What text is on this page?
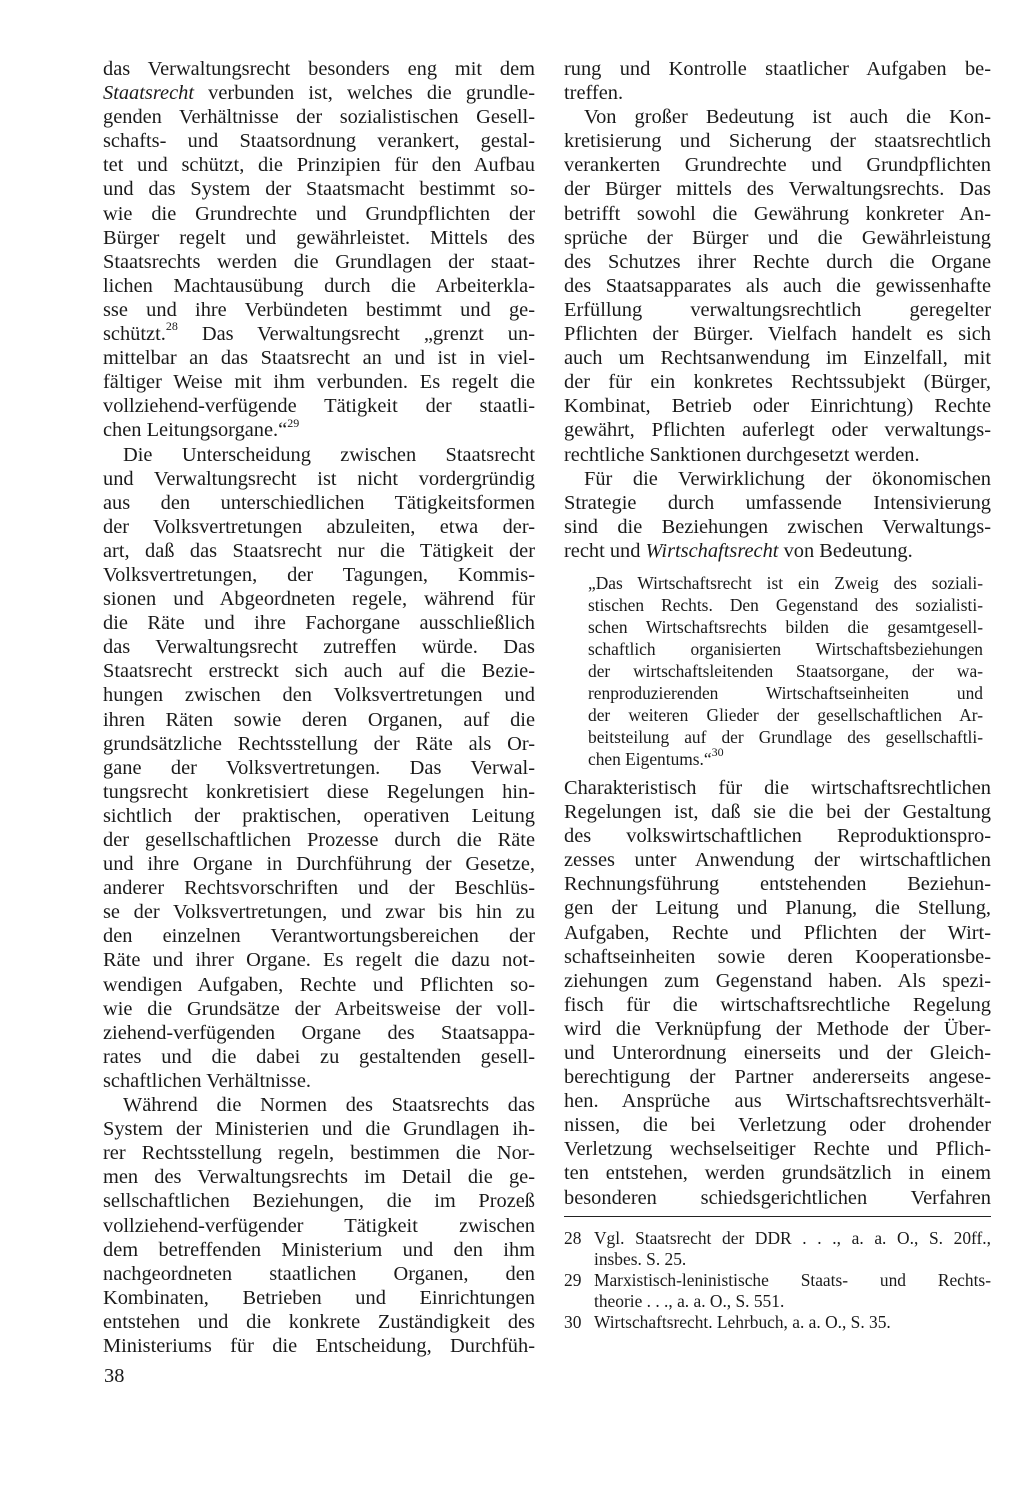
das Verwaltungsrecht besonders eng mit dem
Staatsrecht verbunden ist, welches die grundle-
genden Verhältnisse der sozialistischen Gesell-
schafts- und Staatsordnung verankert, gestal-
tet und schützt, die Prinzipien für den Aufbau
und das System der Staatsmacht bestimmt so-
wie die Grundrechte und Grundpflichten der
Bürger regelt und gewährleistet. Mittels des
Staatsrechts werden die Grundlagen der staat-
lichen Machtausübung durch die Arbeiterkla-
sse und ihre Verbündeten bestimmt und ge-
schützt.$^{28}$ Das Verwaltungsrecht „grenzt un-
mittelbar an das Staatsrecht an und ist in viel-
fältiger Weise mit ihm verbunden. Es regelt die
vollziehend-verfügende Tätigkeit der staatli-
chen Leitungsorgane.“$^{29}$
Die Unterscheidung zwischen Staatsrecht
und Verwaltungsrecht ist nicht vordergründig
aus den unterschiedlichen Tätigkeitsformen
der Volksvertretungen abzuleiten, etwa der-
art, daß das Staatsrecht nur die Tätigkeit der
Volksvertretungen, der Tagungen, Kommis-
sionen und Abgeordneten regele, während für
die Räte und ihre Fachorgane ausschließlich
das Verwaltungsrecht zutreffen würde. Das
Staatsrecht erstreckt sich auch auf die Bezie-
hungen zwischen den Volksvertretungen und
ihren Räten sowie deren Organen, auf die
grundsätzliche Rechtsstellung der Räte als Or-
gane der Volksvertretungen. Das Verwal-
tungsrecht konkretisiert diese Regelungen hin-
sichtlich der praktischen, operativen Leitung
der gesellschaftlichen Prozesse durch die Räte
und ihre Organe in Durchführung der Gesetze,
anderer Rechtsvorschriften und der Beschlüs-
se der Volksvertretungen, und zwar bis hin zu
den einzelnen Verantwortungsbereichen der
Räte und ihrer Organe. Es regelt die dazu not-
wendigen Aufgaben, Rechte und Pflichten so-
wie die Grundsätze der Arbeitsweise der voll-
ziehend-verfügenden Organe des Staatsappa-
rates und die dabei zu gestaltenden gesell-
schaftlichen Verhältnisse.
Während die Normen des Staatsrechts das
System der Ministerien und die Grundlagen ih-
rer Rechtsstellung regeln, bestimmen die Nor-
men des Verwaltungsrechts im Detail die ge-
sellschaftlichen Beziehungen, die im Prozeß
vollziehend-verfügender Tätigkeit zwischen
dem betreffenden Ministerium und den ihm
nachgeordneten staatlichen Organen, den
Kombinaten, Betrieben und Einrichtungen
entstehen und die konkrete Zuständigkeit des
Ministeriums für die Entscheidung, Durchfüh-
rung und Kontrolle staatlicher Aufgaben be-
treffen.
Von großer Bedeutung ist auch die Kon-
kretisierung und Sicherung der staatsrechtlich
verankerten Grundrechte und Grundpflichten
der Bürger mittels des Verwaltungsrechts. Das
betrifft sowohl die Gewährung konkreter An-
sprüche der Bürger und die Gewährleistung
des Schutzes ihrer Rechte durch die Organe
des Staatsapparates als auch die gewissenhafte
Erfüllung verwaltungsrechtlich geregelter
Pflichten der Bürger. Vielfach handelt es sich
auch um Rechtsanwendung im Einzelfall, mit
der für ein konkretes Rechtssubjekt (Bürger,
Kombinat, Betrieb oder Einrichtung) Rechte
gewährt, Pflichten auferlegt oder verwaltungs-
rechtliche Sanktionen durchgesetzt werden.
Für die Verwirklichung der ökonomischen
Strategie durch umfassende Intensivierung
sind die Beziehungen zwischen Verwaltungs-
recht und Wirtschaftsrecht von Bedeutung.
„Das Wirtschaftsrecht ist ein Zweig des soziali-
stischen Rechts. Den Gegenstand des sozialisti-
schen Wirtschaftsrechts bilden die gesamtgesell-
schaftlich organisierten Wirtschaftsbeziehungen
der wirtschaftsleitenden Staatsorgane, der wa-
renproduzierenden Wirtschaftseinheiten und
der weiteren Glieder der gesellschaftlichen Ar-
beitsteilung auf der Grundlage des gesellschaftli-
chen Eigentums.“$^{30}$
Charakteristisch für die wirtschaftsrechtlichen
Regelungen ist, daß sie die bei der Gestaltung
des volkswirtschaftlichen Reproduktionspro-
zesses unter Anwendung der wirtschaftlichen
Rechnungsführung entstehenden Beziehun-
gen der Leitung und Planung, die Stellung,
Aufgaben, Rechte und Pflichten der Wirt-
schaftseinheiten sowie deren Kooperationsbe-
ziehungen zum Gegenstand haben. Als spezi-
fisch für die wirtschaftsrechtliche Regelung
wird die Verknüpfung der Methode der Über-
und Unterordnung einerseits und der Gleich-
berechtigung der Partner andererseits angese-
hen. Ansprüche aus Wirtschaftsrechtsverhält-
nissen, die bei Verletzung oder drohender
Verletzung wechselseitiger Rechte und Pflich-
ten entstehen, werden grundsätzlich in einem
besonderen schiedsgerichtlichen Verfahren
28 Vgl. Staatsrecht der DDR . . ., a. a. O., S. 20ff.,
insbes. S. 25.
29 Marxistisch-leninistische Staats- und Rechts-
theorie . . ., a. a. O., S. 551.
30 Wirtschaftsrecht. Lehrbuch, a. a. O., S. 35.
38
